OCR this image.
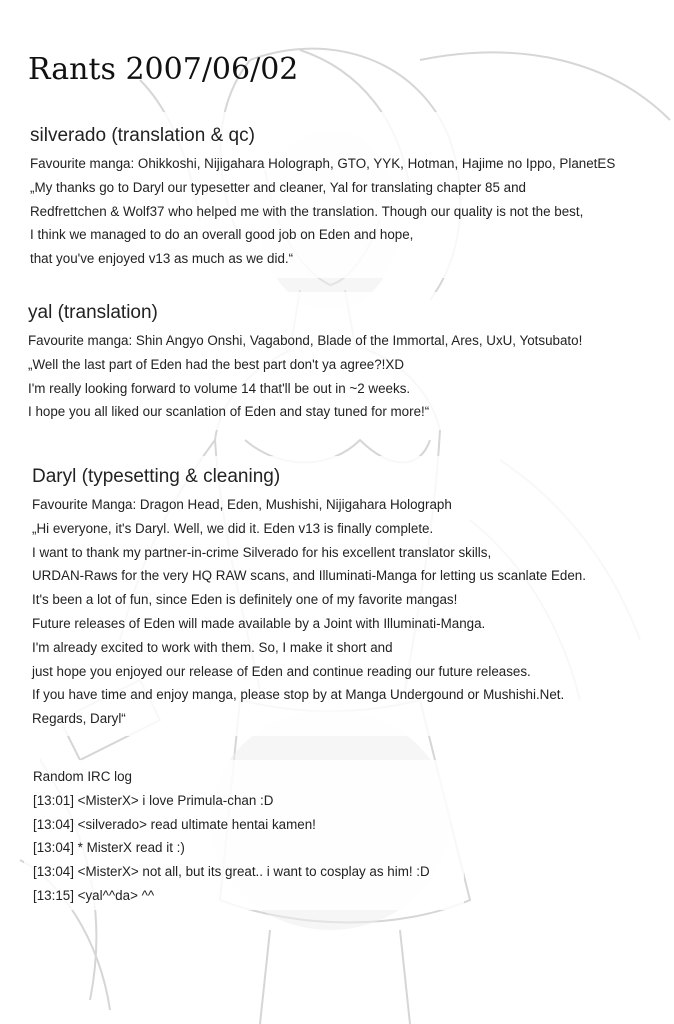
Rants 2007/06/02
silverado (translation & qc)
Favourite manga: Ohikkoshi, Nijigahara Holograph, GTO, YYK, Hotman, Hajime no Ippo, PlanetES
„My thanks go to Daryl our typesetter and cleaner, Yal for translating chapter 85 and
Redfrettchen & Wolf37 who helped me with the translation. Though our quality is not the best,
I think we managed to do an overall good job on Eden and hope,
that you've enjoyed v13 as much as we did.“
yal (translation)
Favourite manga: Shin Angyo Onshi, Vagabond, Blade of the Immortal, Ares, UxU, Yotsubato!
„Well the last part of Eden had the best part don't ya agree?!XD
I'm really looking forward to volume 14 that'll be out in ~2 weeks.
I hope you all liked our scanlation of Eden and stay tuned for more!“
Daryl (typesetting & cleaning)
Favourite Manga: Dragon Head, Eden, Mushishi, Nijigahara Holograph
„Hi everyone, it's Daryl. Well, we did it. Eden v13 is finally complete.
I want to thank my partner-in-crime Silverado for his excellent translator skills,
URDAN-Raws for the very HQ RAW scans, and Illuminati-Manga for letting us scanlate Eden.
It's been a lot of fun, since Eden is definitely one of my favorite mangas!
Future releases of Eden will made available by a Joint with Illuminati-Manga.
I'm already excited to work with them. So, I make it short and
just hope you enjoyed our release of Eden and continue reading our future releases.
If you have time and enjoy manga, please stop by at Manga Undergound or Mushishi.Net.
Regards, Daryl“
Random IRC log
[13:01] <MisterX> i love Primula-chan :D
[13:04] <silverado> read ultimate hentai kamen!
[13:04] * MisterX read it :)
[13:04] <MisterX> not all, but its great.. i want to cosplay as him! :D
[13:15] <yal^^da> ^^
